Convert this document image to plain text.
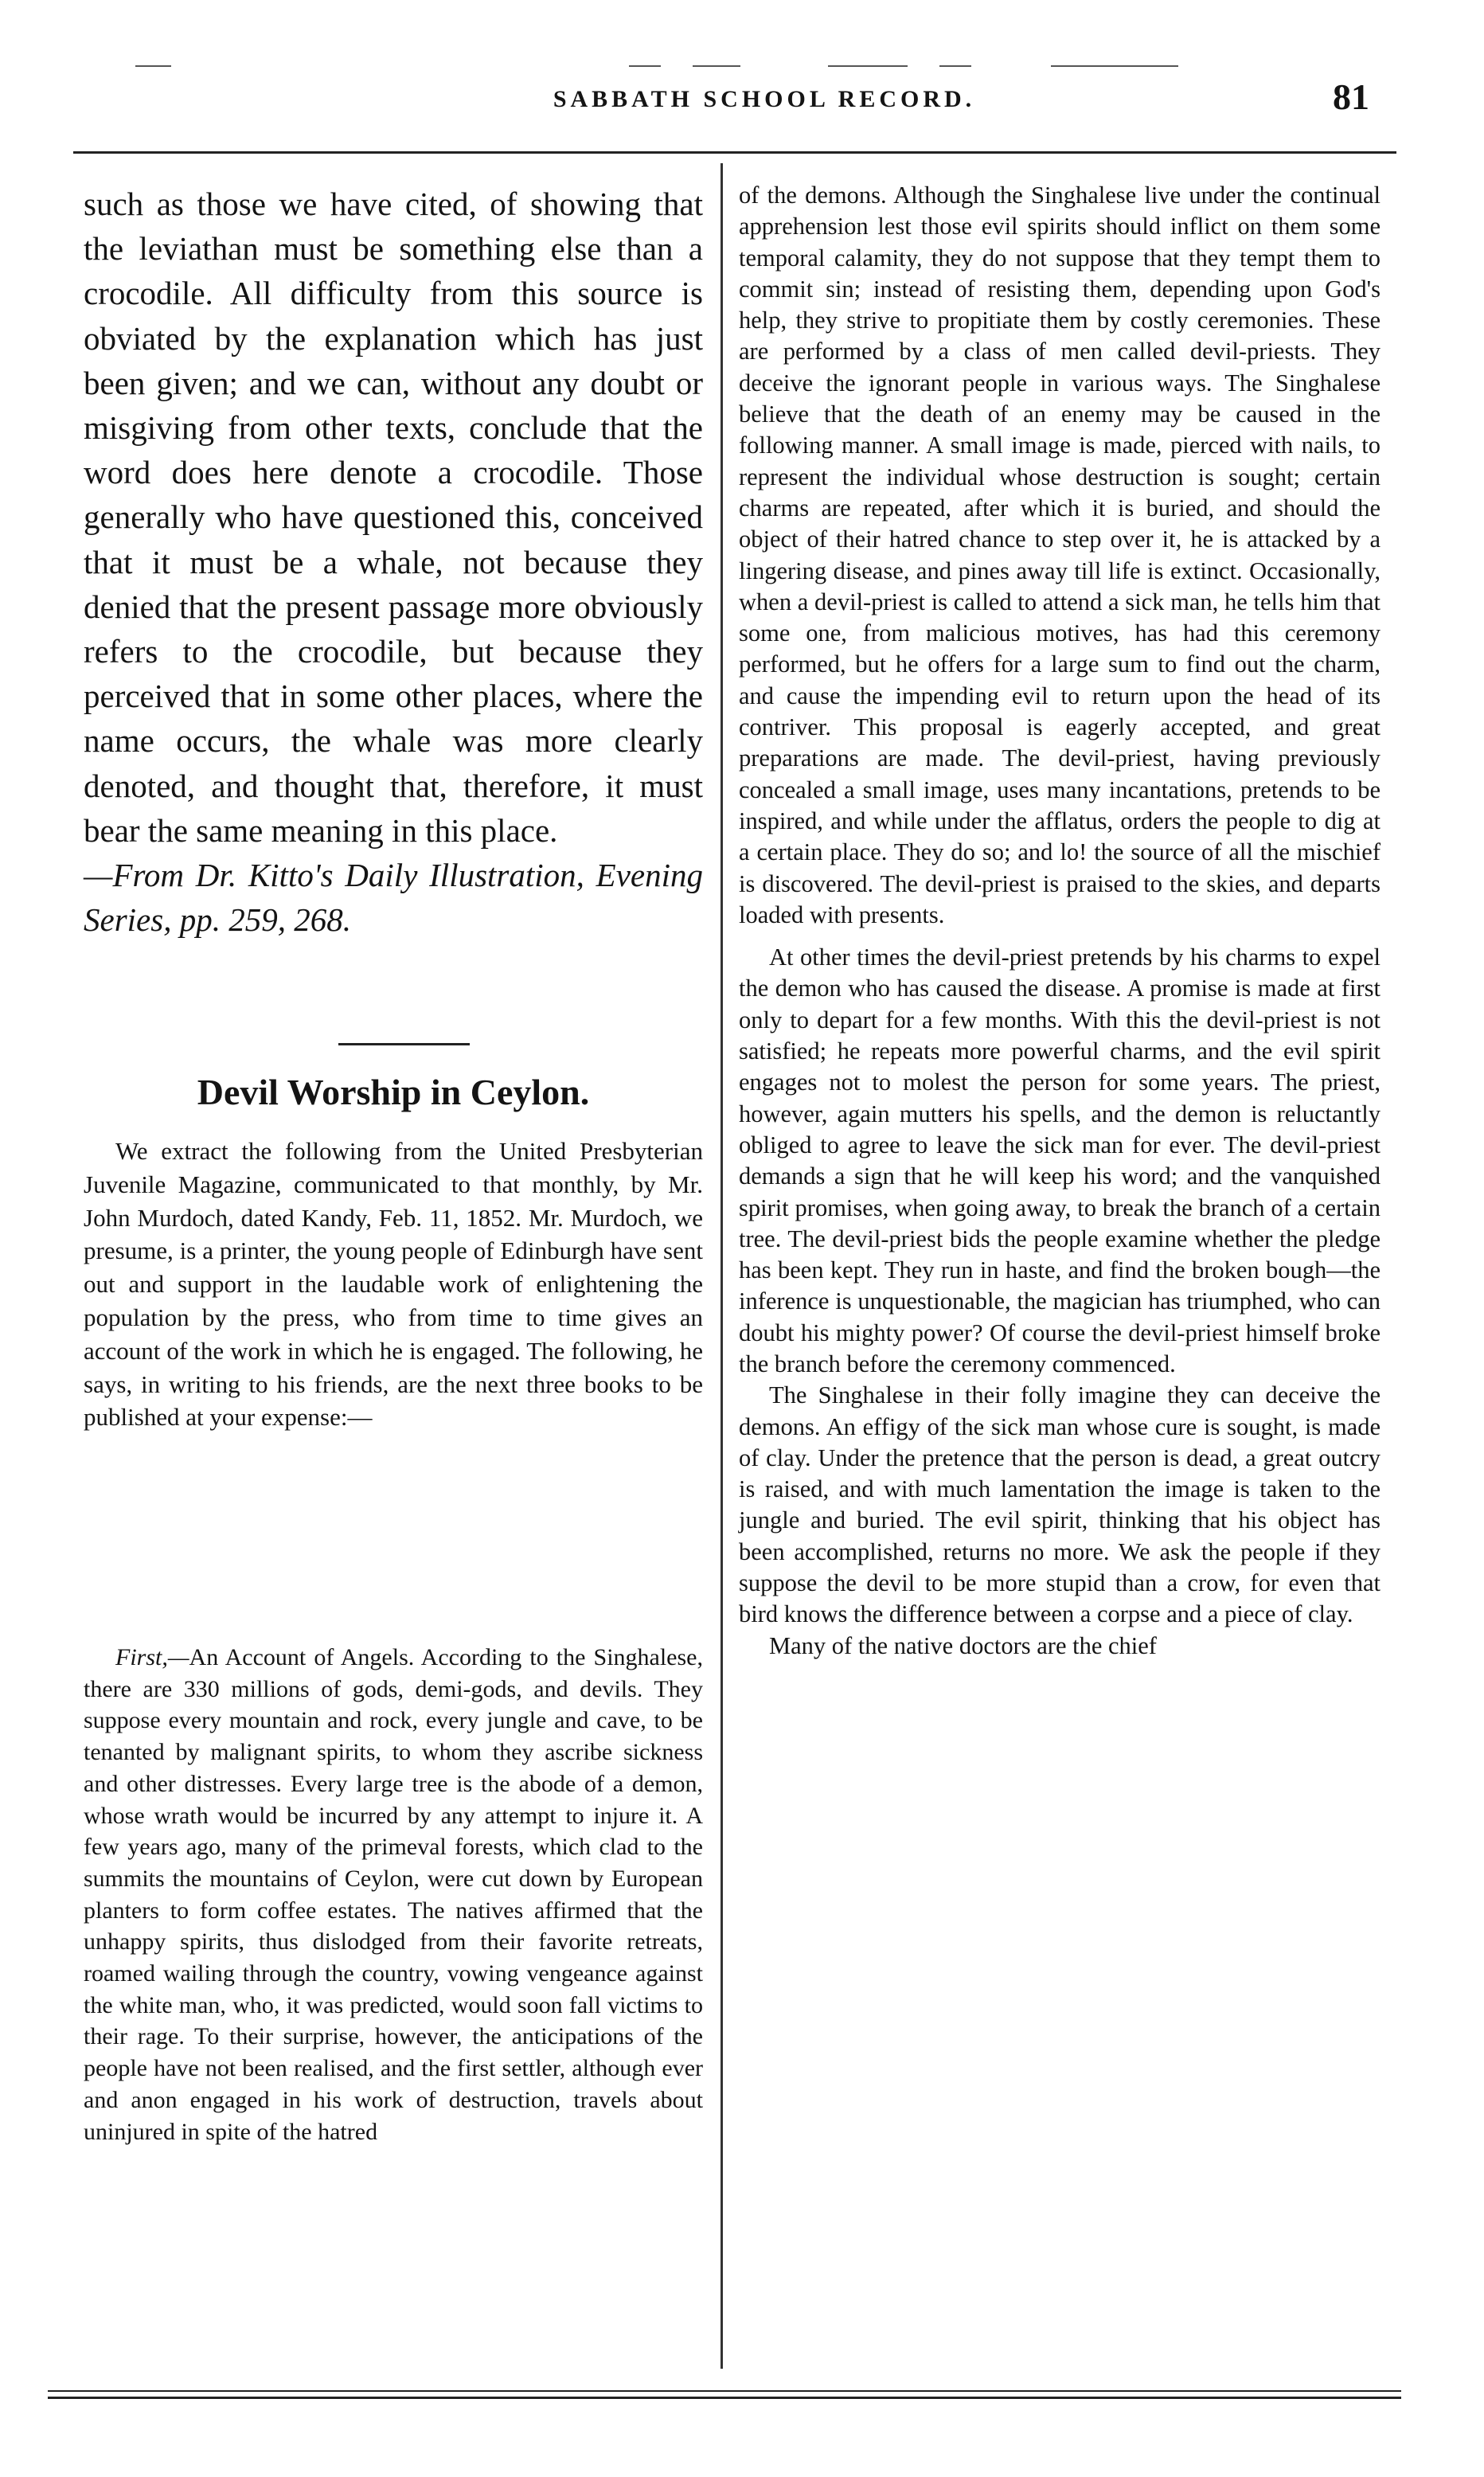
SABBATH SCHOOL RECORD.	81

such as those we have cited, of showing that the leviathan must be something else than a crocodile. All difficulty from this source is obviated by the explanation which has just been given; and we can, without any doubt or misgiving from other texts, conclude that the word does here denote a crocodile. Those generally who have questioned this, conceived that it must be a whale, not because they denied that the present passage more obviously refers to the crocodile, but because they perceived that in some other places, where the name occurs, the whale was more clearly denoted, and thought that, therefore, it must bear the same meaning in this place.

—From Dr. Kitto's Daily Illustration, Evening Series, pp. 259, 268.

Devil Worship in Ceylon.

We extract the following from the United Presbyterian Juvenile Magazine, communicated to that monthly, by Mr. John Murdoch, dated Kandy, Feb. 11, 1852. Mr. Murdoch, we presume, is a printer, the young people of Edinburgh have sent out and support in the laudable work of enlightening the population by the press, who from time to time gives an account of the work in which he is engaged. The following, he says, in writing to his friends, are the next three books to be published at your expense:—

First,—An Account of Angels. According to the Singhalese, there are 330 millions of gods, demi-gods, and devils. They suppose every mountain and rock, every jungle and cave, to be tenanted by malignant spirits, to whom they ascribe sickness and other distresses. Every large tree is the abode of a demon, whose wrath would be incurred by any attempt to injure it. A few years ago, many of the primeval forests, which clad to the summits the mountains of Ceylon, were cut down by European planters to form coffee estates. The natives affirmed that the unhappy spirits, thus dislodged from their favorite retreats, roamed wailing through the country, vowing vengeance against the white man, who, it was predicted, would soon fall victims to their rage. To their surprise, however, the anticipations of the people have not been realised, and the first settler, although ever and anon engaged in his work of destruction, travels about uninjured in spite of the hatred

of the demons. Although the Singhalese live under the continual apprehension lest those evil spirits should inflict on them some temporal calamity, they do not suppose that they tempt them to commit sin; instead of resisting them, depending upon God's help, they strive to propitiate them by costly ceremonies. These are performed by a class of men called devil-priests. They deceive the ignorant people in various ways. The Singhalese believe that the death of an enemy may be caused in the following manner. A small image is made, pierced with nails, to represent the individual whose destruction is sought; certain charms are repeated, after which it is buried, and should the object of their hatred chance to step over it, he is attacked by a lingering disease, and pines away till life is extinct. Occasionally, when a devil-priest is called to attend a sick man, he tells him that some one, from malicious motives, has had this ceremony performed, but he offers for a large sum to find out the charm, and cause the impending evil to return upon the head of its contriver. This proposal is eagerly accepted, and great preparations are made. The devil-priest, having previously concealed a small image, uses many incantations, pretends to be inspired, and while under the afflatus, orders the people to dig at a certain place. They do so; and lo! the source of all the mischief is discovered. The devil-priest is praised to the skies, and departs loaded with presents.

At other times the devil-priest pretends by his charms to expel the demon who has caused the disease. A promise is made at first only to depart for a few months. With this the devil-priest is not satisfied; he repeats more powerful charms, and the evil spirit engages not to molest the person for some years. The priest, however, again mutters his spells, and the demon is reluctantly obliged to agree to leave the sick man for ever. The devil-priest demands a sign that he will keep his word; and the vanquished spirit promises, when going away, to break the branch of a certain tree. The devil-priest bids the people examine whether the pledge has been kept. They run in haste, and find the broken bough—the inference is unquestionable, the magician has triumphed, who can doubt his mighty power? Of course the devil-priest himself broke the branch before the ceremony commenced.

The Singhalese in their folly imagine they can deceive the demons. An effigy of the sick man whose cure is sought, is made of clay. Under the pretence that the person is dead, a great outcry is raised, and with much lamentation the image is taken to the jungle and buried. The evil spirit, thinking that his object has been accomplished, returns no more. We ask the people if they suppose the devil to be more stupid than a crow, for even that bird knows the difference between a corpse and a piece of clay.

Many of the native doctors are the chief
